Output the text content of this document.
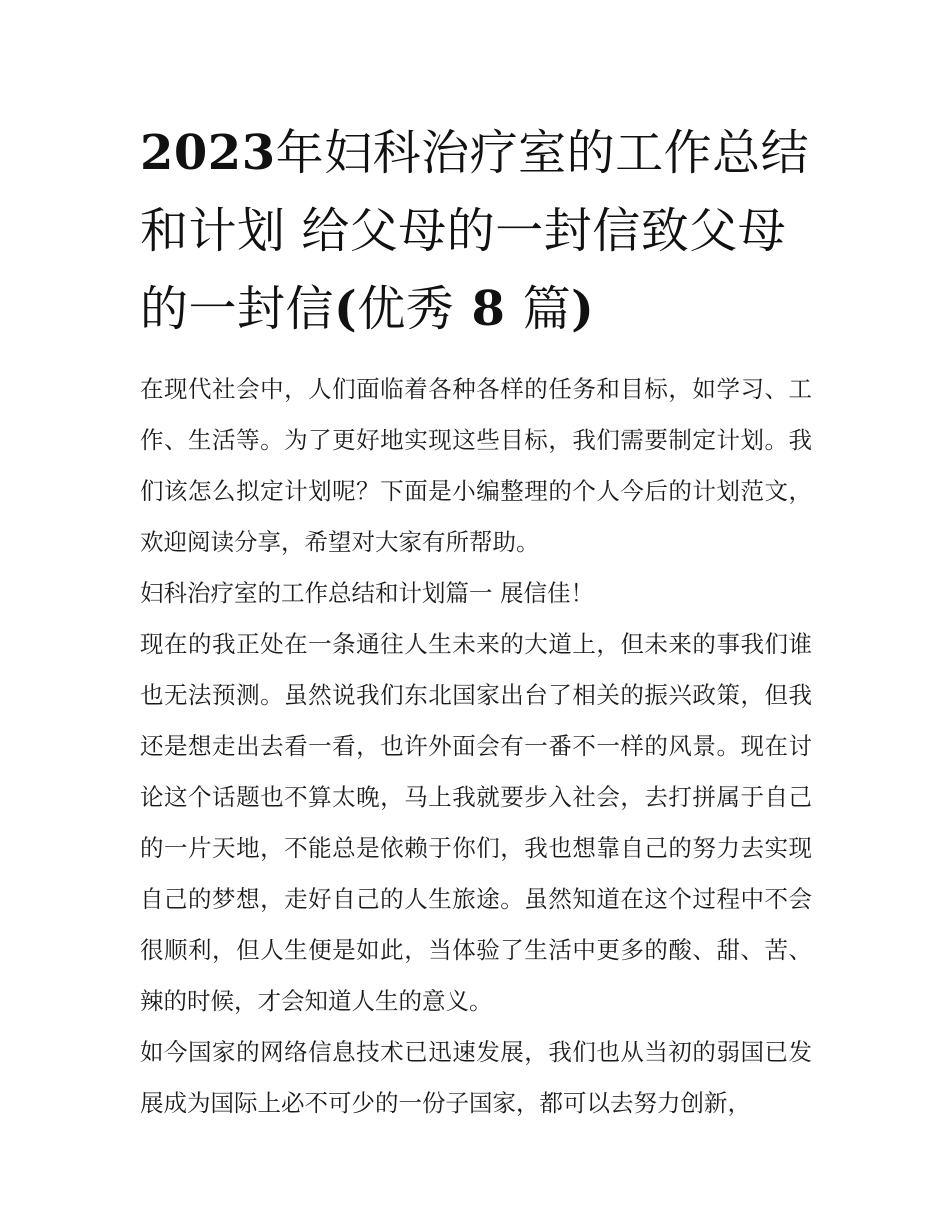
2023年妇科治疗室的工作总结和计划 给父母的一封信致父母的一封信(优秀 8 篇)

在现代社会中，人们面临着各种各样的任务和目标，如学习、工作、生活等。为了更好地实现这些目标，我们需要制定计划。我们该怎么拟定计划呢？下面是小编整理的个人今后的计划范文，欢迎阅读分享，希望对大家有所帮助。

妇科治疗室的工作总结和计划篇一 展信佳！

现在的我正处在一条通往人生未来的大道上，但未来的事我们谁也无法预测。虽然说我们东北国家出台了相关的振兴政策，但我还是想走出去看一看，也许外面会有一番不一样的风景。现在讨论这个话题也不算太晚，马上我就要步入社会，去打拼属于自己的一片天地，不能总是依赖于你们，我也想靠自己的努力去实现自己的梦想，走好自己的人生旅途。虽然知道在这个过程中不会很顺利，但人生便是如此，当体验了生活中更多的酸、甜、苦、辣的时候，才会知道人生的意义。

如今国家的网络信息技术已迅速发展，我们也从当初的弱国已发展成为国际上必不可少的一份子国家，都可以去努力创新，
